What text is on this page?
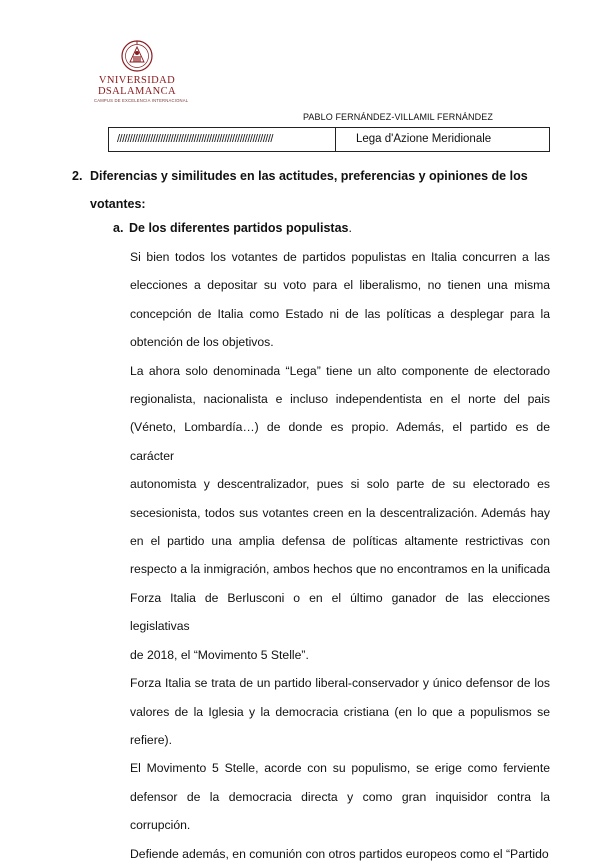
VNIVERSIDAD
DSALAMANCA
CAMPUS DE EXCELENCIA INTERNACIONAL
PABLO FERNÁNDEZ-VILLAMIL FERNÁNDEZ
/////////////////////////////////////////////////////////////	Lega d'Azione Meridionale
2. Diferencias y similitudes en las actitudes, preferencias y opiniones de los
votantes:
a. De los diferentes partidos populistas.

Si bien todos los votantes de partidos populistas en Italia concurren a las
elecciones a depositar su voto para el liberalismo, no tienen una misma
concepción de Italia como Estado ni de las políticas a desplegar para la
obtención de los objetivos.

La ahora solo denominada “Lega” tiene un alto componente de electorado
regionalista, nacionalista e incluso independentista en el norte del pais
(Véneto, Lombardía…) de donde es propio. Además, el partido es de carácter
autonomista y descentralizador, pues si solo parte de su electorado es
secesionista, todos sus votantes creen en la descentralización. Además hay
en el partido una amplia defensa de políticas altamente restrictivas con
respecto a la inmigración, ambos hechos que no encontramos en la unificada
Forza Italia de Berlusconi o en el último ganador de las elecciones legislativas
de 2018, el “Movimento 5 Stelle”.

Forza Italia se trata de un partido liberal-conservador y único defensor de los
valores de la Iglesia y la democracia cristiana (en lo que a populismos se
refiere).

El Movimento 5 Stelle, acorde con su populismo, se erige como ferviente
defensor de la democracia directa y como gran inquisidor contra la corrupción.
Defiende además, en comunión con otros partidos europeos como el “Partido
